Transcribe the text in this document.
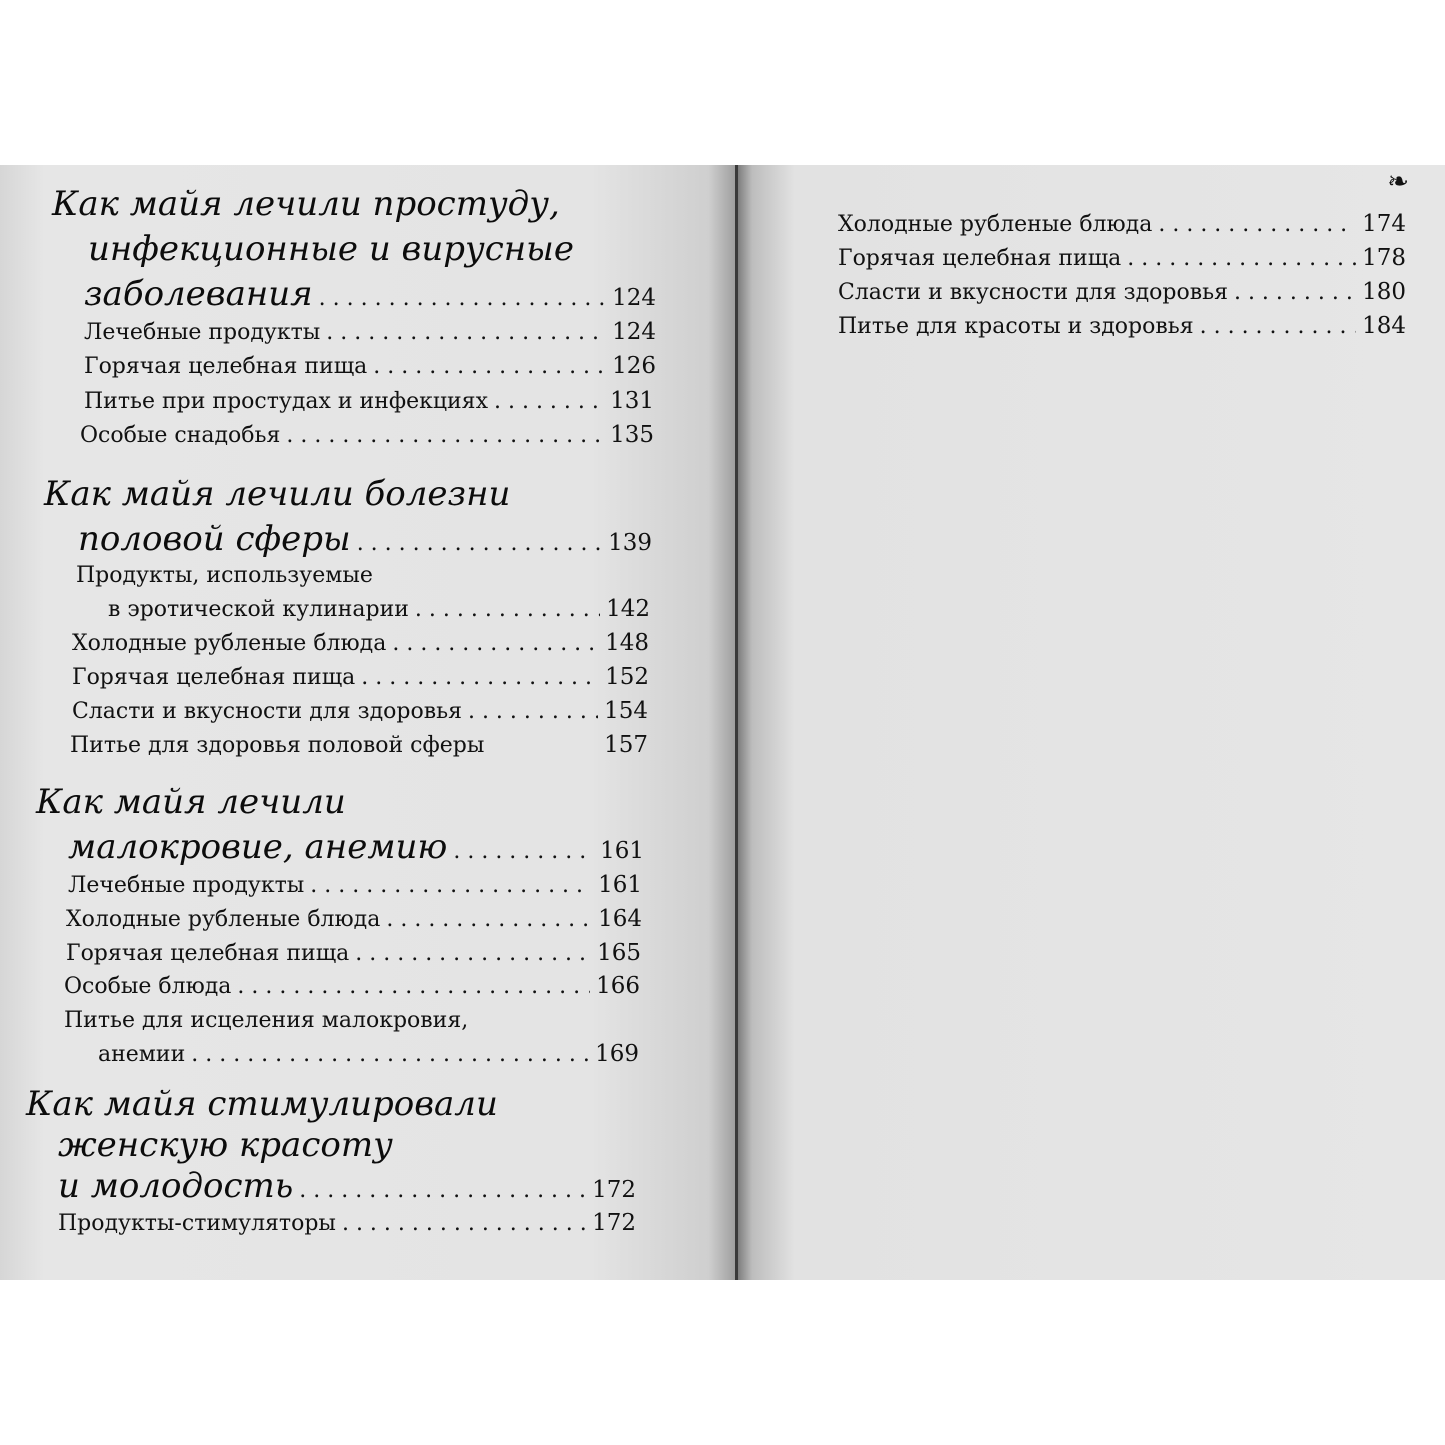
Как майя лечили простуду,
инфекционные и вирусные
заболевания . . .	124
Лечебные продукты . . .	124
Горячая целебная пища . . .	126
Питье при простудах и инфекциях . . .	131
Особые снадобья . . .	135
Как майя лечили болезни
половой сферы . . .	139
Продукты, используемые
в эротической кулинарии . . .	142
Холодные рубленые блюда . . .	148
Горячая целебная пища . . .	152
Сласти и вкусности для здоровья . . .	154
Питье для здоровья половой сферы	157
Как майя лечили
малокровие, анемию . . .	161
Лечебные продукты . . .	161
Холодные рубленые блюда . . .	164
Горячая целебная пища . . .	165
Особые блюда . . .	166
Питье для исцеления малокровия,
анемии . . .	169
Как майя стимулировали
женскую красоту
и молодость . . .	172
Продукты-стимуляторы . . .	172
❧
Холодные рубленые блюда . . .	174
Горячая целебная пища . . .	178
Сласти и вкусности для здоровья . . .	180
Питье для красоты и здоровья . . .	184
